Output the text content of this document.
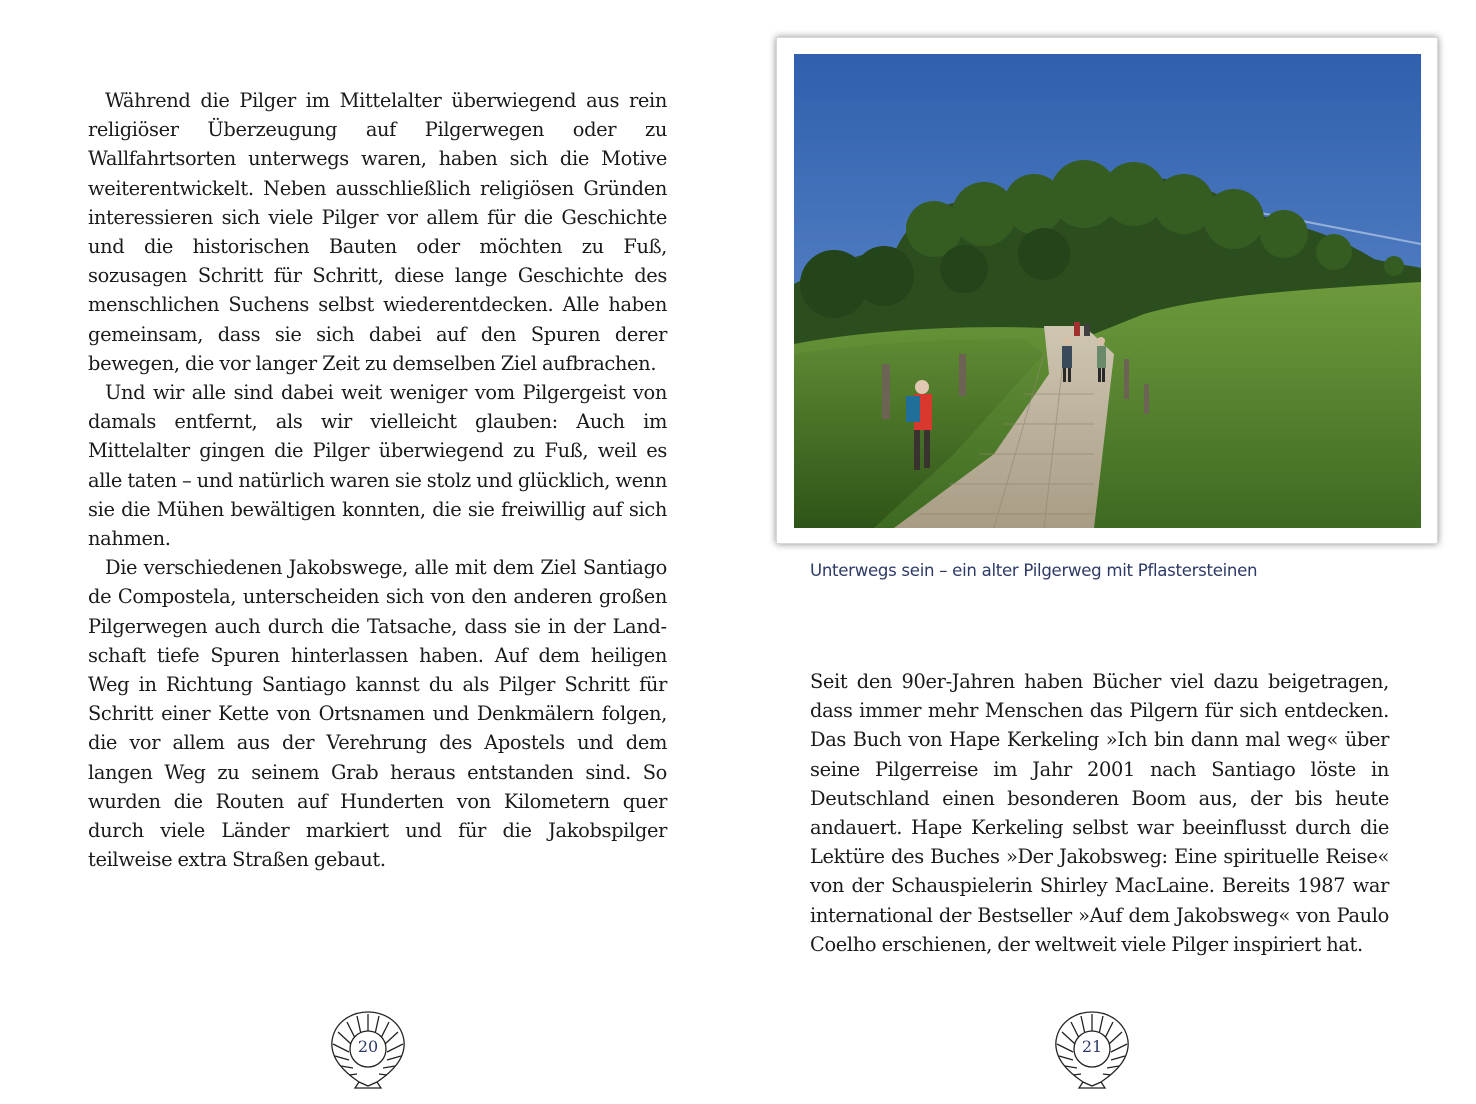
Während die Pilger im Mittelalter überwiegend aus rein religiöser Überzeugung auf Pilgerwegen oder zu Wallfahrtsorten unterwegs waren, haben sich die Motive weiterentwickelt. Neben ausschließlich religiösen Gründen interessieren sich viele Pilger vor allem für die Geschichte und die historischen Bauten oder möchten zu Fuß, sozusagen Schritt für Schritt, diese lange Geschichte des menschlichen Suchens selbst wiederentdecken. Alle haben gemeinsam, dass sie sich dabei auf den Spuren derer bewegen, die vor langer Zeit zu demselben Ziel aufbrachen.

Und wir alle sind dabei weit weniger vom Pilgergeist von damals entfernt, als wir vielleicht glauben: Auch im Mittelalter gingen die Pilger überwiegend zu Fuß, weil es alle taten – und natürlich waren sie stolz und glücklich, wenn sie die Mühen bewältigen konnten, die sie freiwillig auf sich nahmen.

Die verschiedenen Jakobswege, alle mit dem Ziel Santiago de Compostela, unterscheiden sich von den anderen großen Pilgerwegen auch durch die Tatsache, dass sie in der Landschaft tiefe Spuren hinterlassen haben. Auf dem heiligen Weg in Richtung Santiago kannst du als Pilger Schritt für Schritt einer Kette von Ortsnamen und Denkmälern folgen, die vor allem aus der Verehrung des Apostels und dem langen Weg zu seinem Grab heraus entstanden sind. So wurden die Routen auf Hunderten von Kilometern quer durch viele Länder markiert und für die Jakobspilger teilweise extra Straßen gebaut.

20
Unterwegs sein – ein alter Pilgerweg mit Pflastersteinen

Seit den 90er-Jahren haben Bücher viel dazu beigetragen, dass immer mehr Menschen das Pilgern für sich entdecken. Das Buch von Hape Kerkeling »Ich bin dann mal weg« über seine Pilgerreise im Jahr 2001 nach Santiago löste in Deutschland einen besonderen Boom aus, der bis heute andauert. Hape Kerkeling selbst war beeinflusst durch die Lektüre des Buches »Der Jakobsweg: Eine spirituelle Reise« von der Schauspielerin Shirley MacLaine. Bereits 1987 war international der Bestseller »Auf dem Jakobsweg« von Paulo Coelho erschienen, der weltweit viele Pilger inspiriert hat.

21
